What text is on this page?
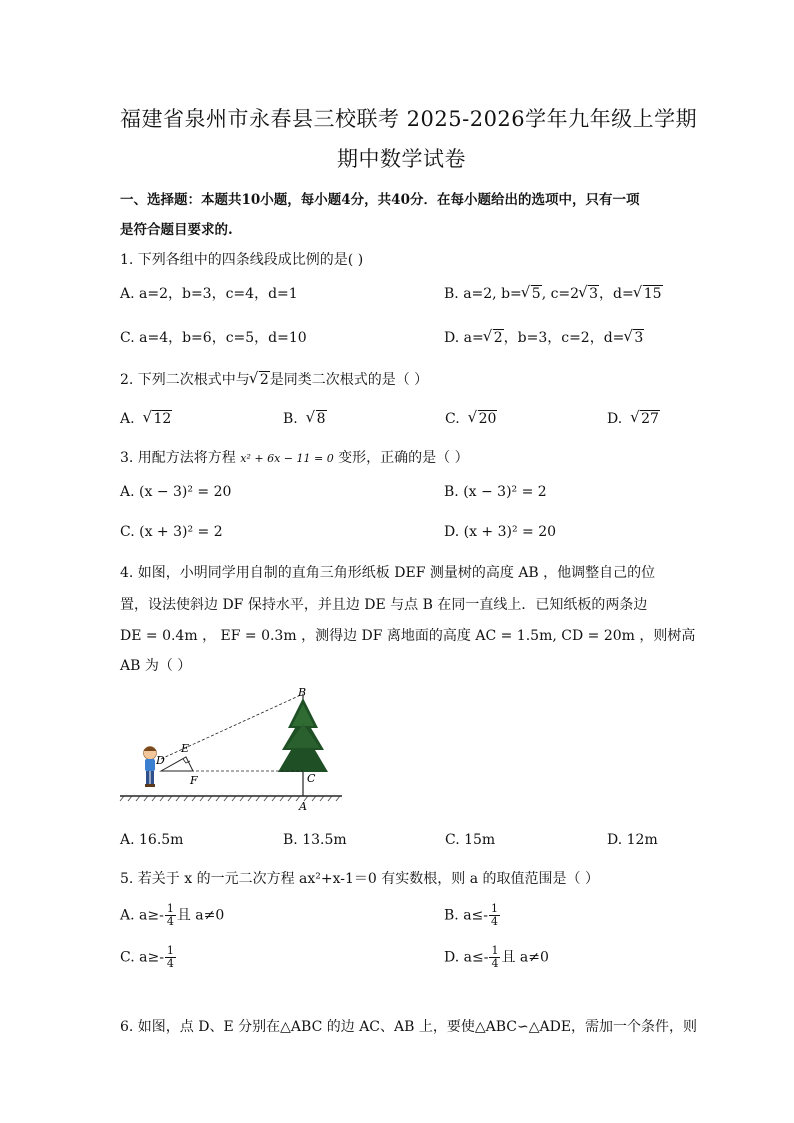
福建省泉州市永春县三校联考 2025-2026学年九年级上学期
期中数学试卷
一、选择题：本题共10小题，每小题4分，共40分．在每小题给出的选项中，只有一项
是符合题目要求的.
1. 下列各组中的四条线段成比例的是( )
A. a=2，b=3，c=4，d=1	B. a=2, b= √ 5, c=2 √ 3，d= √ 15
C. a=4，b=6，c=5，d=10	D. a= √ 2，b=3，c=2，d= √ 3
2. 下列二次根式中与 √ 2是同类二次根式的是（ ）
A. √ 12	B. √ 8	C. √ 20	D. √ 27
3. 用配方法将方程 x² + 6x − 11 = 0 变形，正确的是（ ）
A. (x − 3)² = 20	B. (x − 3)² = 2
C. (x + 3)² = 2	D. (x + 3)² = 20
4. 如图，小明同学用自制的直角三角形纸板 DEF 测量树的高度 AB ，他调整自己的位
置，设法使斜边 DF 保持水平，并且边 DE 与点 B 在同一直线上．已知纸板的两条边
DE = 0.4m ， EF = 0.3m ，测得边 DF 离地面的高度 AC = 1.5m, CD = 20m ，则树高
AB 为（ ）
B
E
D
F	C
A
A. 16.5m	B. 13.5m	C. 15m	D. 12m
5. 若关于 x 的一元二次方程 ax²+x-1＝0 有实数根，则 a 的取值范围是（ ）
A. $a\ge- \frac{1}{4}$ 且 a≠0	B. $a\le- \frac{1}{4}$
C. $a\ge- \frac{1}{4}$	D. $a\le- \frac{1}{4}$ 且 a≠0
6. 如图，点 D、E 分别在△ABC 的边 AC、AB 上，要使△ABC∽△ADE，需加一个条件，则
